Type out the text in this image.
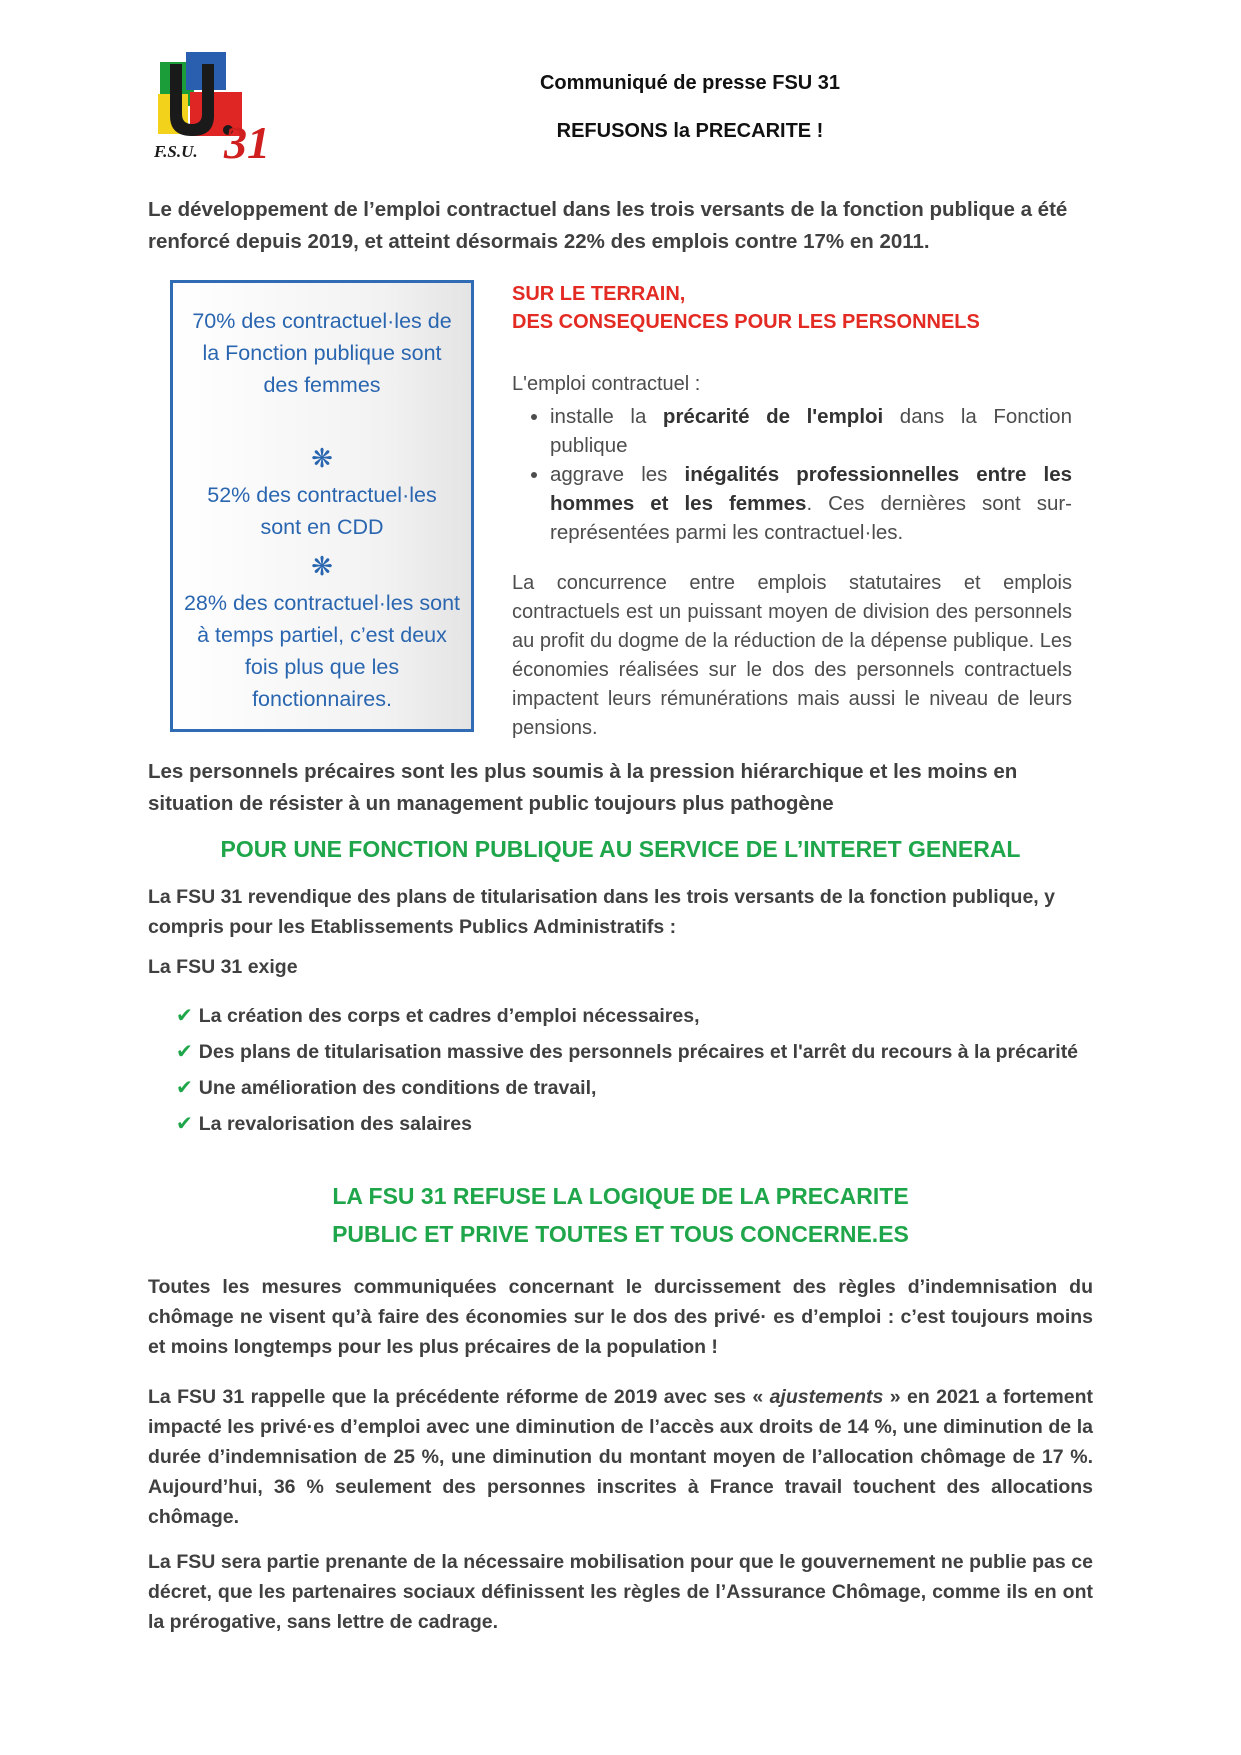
F.S.U. 31
Communiqué de presse FSU 31
REFUSONS la PRECARITE !
Le développement de l’emploi contractuel dans les trois versants de la fonction publique a été renforcé depuis 2019, et atteint désormais 22% des emplois contre 17% en 2011.
70% des contractuel·les de la Fonction publique sont des femmes
❋
52% des contractuel·les sont en CDD
❋
28% des contractuel·les sont à temps partiel, c’est deux fois plus que les fonctionnaires.

SUR LE TERRAIN,
DES CONSEQUENCES POUR LES PERSONNELS

L'emploi contractuel :

• installe la précarité de l'emploi dans la Fonction publique
• aggrave les inégalités professionnelles entre les hommes et les femmes. Ces dernières sont sur-représentées parmi les contractuel·les.

La concurrence entre emplois statutaires et emplois contractuels est un puissant moyen de division des personnels au profit du dogme de la réduction de la dépense publique. Les économies réalisées sur le dos des personnels contractuels impactent leurs rémunérations mais aussi le niveau de leurs pensions.

Les personnels précaires sont les plus soumis à la pression hiérarchique et les moins en situation de résister à un management public toujours plus pathogène
POUR UNE FONCTION PUBLIQUE AU SERVICE DE L’INTERET GENERAL
La FSU 31 revendique des plans de titularisation dans les trois versants de la fonction publique, y compris pour les Etablissements Publics Administratifs :
La FSU 31 exige
✔ La création des corps et cadres d’emploi nécessaires,
✔ Des plans de titularisation massive des personnels précaires et l'arrêt du recours à la précarité
✔ Une amélioration des conditions de travail,
✔ La revalorisation des salaires
LA FSU 31 REFUSE LA LOGIQUE DE LA PRECARITE
PUBLIC ET PRIVE TOUTES ET TOUS CONCERNE.ES
Toutes les mesures communiquées concernant le durcissement des règles d’indemnisation du chômage ne visent qu’à faire des économies sur le dos des privé· es d’emploi : c’est toujours moins et moins longtemps pour les plus précaires de la population !
La FSU 31 rappelle que la précédente réforme de 2019 avec ses « ajustements » en 2021 a fortement impacté les privé·es d’emploi avec une diminution de l’accès aux droits de 14 %, une diminution de la durée d’indemnisation de 25 %, une diminution du montant moyen de l’allocation chômage de 17 %. Aujourd’hui, 36 % seulement des personnes inscrites à France travail touchent des allocations chômage.
La FSU sera partie prenante de la nécessaire mobilisation pour que le gouvernement ne publie pas ce décret, que les partenaires sociaux définissent les règles de l’Assurance Chômage, comme ils en ont la prérogative, sans lettre de cadrage.
